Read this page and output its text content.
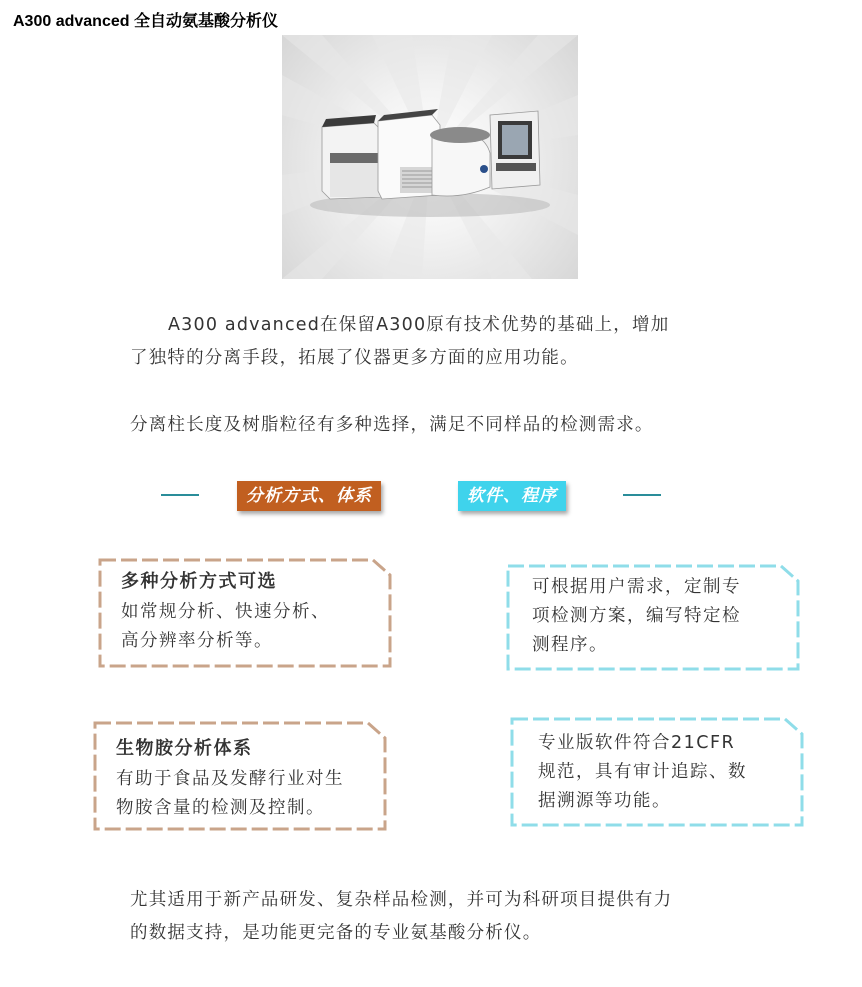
A300 advanced 全自动氨基酸分析仪

A300 advanced在保留A300原有技术优势的基础上，增加
了独特的分离手段，拓展了仪器更多方面的应用功能。

分离柱长度及树脂粒径有多种选择，满足不同样品的检测需求。

分析方式、体系	软件、程序
多种分析方式可选
如常规分析、快速分析、
高分辨率分析等。
可根据用户需求，定制专
项检测方案，编写特定检
测程序。
生物胺分析体系
有助于食品及发酵行业对生
物胺含量的检测及控制。
专业版软件符合21CFR
规范，具有审计追踪、数
据溯源等功能。

尤其适用于新产品研发、复杂样品检测，并可为科研项目提供有力
的数据支持，是功能更完备的专业氨基酸分析仪。
